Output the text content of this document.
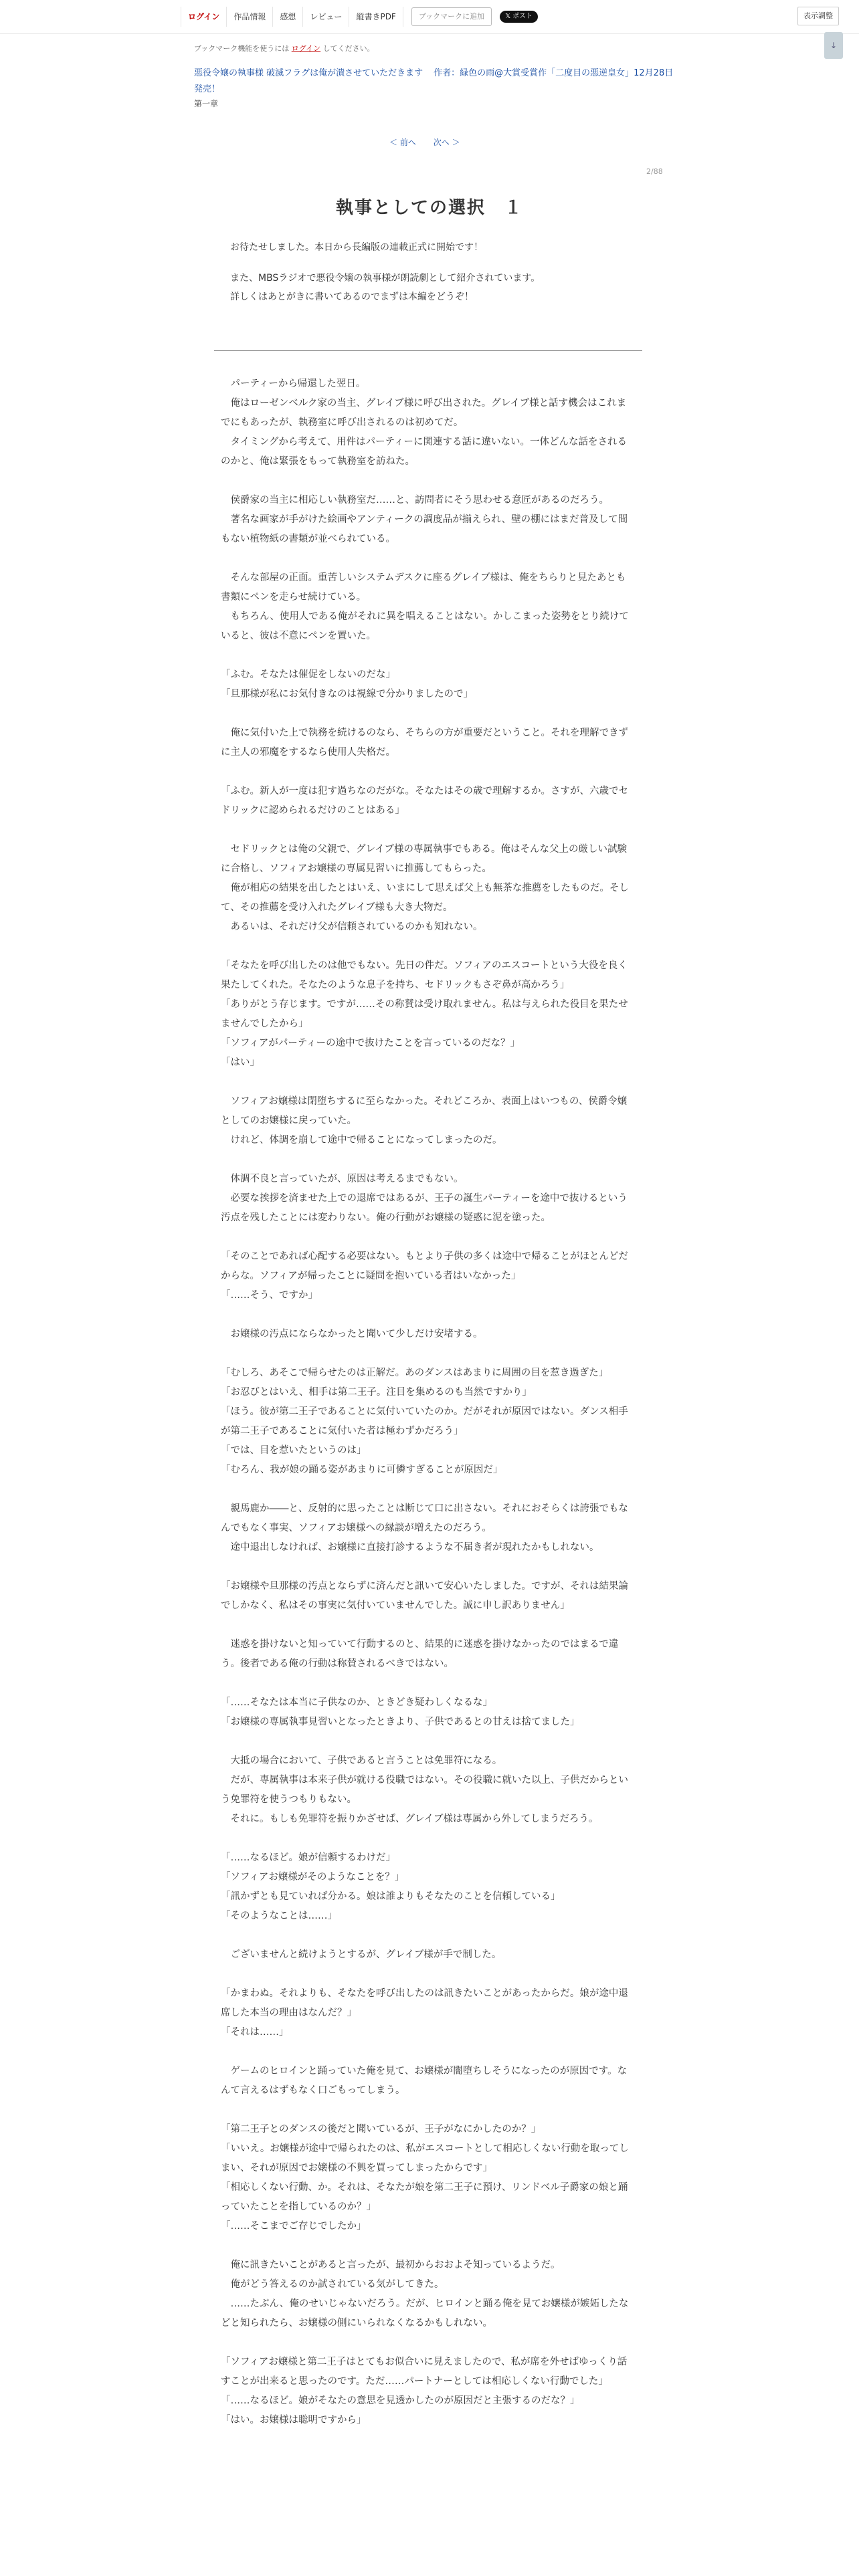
ログイン	作品情報	感想	レビュー	縦書きPDF	ブックマークに追加	𝕏 ポスト	表示調整
↓
ブックマーク機能を使うには ログイン してください。
悪役令嬢の執事様 破滅フラグは俺が潰させていただきます 作者：緑色の雨@大賞受賞作「二度目の悪逆皇女」12月28日発売！
第一章
＜ 前へ	次へ ＞
2/88
執事としての選択　１
お待たせしました。本日から長編版の連載正式に開始です！
また、MBSラジオで悪役令嬢の執事様が朗読劇として紹介されています。
詳しくはあとがきに書いてあるのでまずは本編をどうぞ！
パーティーから帰還した翌日。
俺はローゼンベルク家の当主、グレイブ様に呼び出された。グレイブ様と話す機会はこれまでにもあったが、執務室に呼び出されるのは初めてだ。
タイミングから考えて、用件はパーティーに関連する話に違いない。一体どんな話をされるのかと、俺は緊張をもって執務室を訪ねた。
侯爵家の当主に相応しい執務室だ……と、訪問者にそう思わせる意匠があるのだろう。
著名な画家が手がけた絵画やアンティークの調度品が揃えられ、壁の棚にはまだ普及して間もない植物紙の書類が並べられている。
そんな部屋の正面。重苦しいシステムデスクに座るグレイブ様は、俺をちらりと見たあとも書類にペンを走らせ続けている。
もちろん、使用人である俺がそれに異を唱えることはない。かしこまった姿勢をとり続けていると、彼は不意にペンを置いた。
「ふむ。そなたは催促をしないのだな」
「旦那様が私にお気付きなのは視線で分かりましたので」
俺に気付いた上で執務を続けるのなら、そちらの方が重要だということ。それを理解できずに主人の邪魔をするなら使用人失格だ。
「ふむ。新人が一度は犯す過ちなのだがな。そなたはその歳で理解するか。さすが、六歳でセドリックに認められるだけのことはある」
セドリックとは俺の父親で、グレイブ様の専属執事でもある。俺はそんな父上の厳しい試験に合格し、ソフィアお嬢様の専属見習いに推薦してもらった。
俺が相応の結果を出したとはいえ、いまにして思えば父上も無茶な推薦をしたものだ。そして、その推薦を受け入れたグレイブ様も大き大物だ。
あるいは、それだけ父が信頼されているのかも知れない。
「そなたを呼び出したのは他でもない。先日の件だ。ソフィアのエスコートという大役を良く果たしてくれた。そなたのような息子を持ち、セドリックもさぞ鼻が高かろう」
「ありがとう存じます。ですが……その称賛は受け取れません。私は与えられた役目を果たせませんでしたから」
「ソフィアがパーティーの途中で抜けたことを言っているのだな？」
「はい」
ソフィアお嬢様は閉堕ちするに至らなかった。それどころか、表面上はいつもの、侯爵令嬢としてのお嬢様に戻っていた。
けれど、体調を崩して途中で帰ることになってしまったのだ。
体調不良と言っていたが、原因は考えるまでもない。
必要な挨拶を済ませた上での退席ではあるが、王子の誕生パーティーを途中で抜けるという汚点を残したことには変わりない。俺の行動がお嬢様の疑惑に泥を塗った。
「そのことであれば心配する必要はない。もとより子供の多くは途中で帰ることがほとんどだからな。ソフィアが帰ったことに疑問を抱いている者はいなかった」
「……そう、ですか」
お嬢様の汚点にならなかったと聞いて少しだけ安堵する。
「むしろ、あそこで帰らせたのは正解だ。あのダンスはあまりに周囲の目を惹き過ぎた」
「お忍びとはいえ、相手は第二王子。注目を集めるのも当然ですかり」
「ほう。彼が第二王子であることに気付いていたのか。だがそれが原因ではない。ダンス相手が第二王子であることに気付いた者は極わずかだろう」
「では、目を惹いたというのは」
「むろん、我が娘の踊る姿があまりに可憐すぎることが原因だ」
親馬鹿か――と、反射的に思ったことは断じて口に出さない。それにおそらくは誇張でもなんでもなく事実、ソフィアお嬢様への縁談が増えたのだろう。
途中退出しなければ、お嬢様に直接打診するような不届き者が現れたかもしれない。
「お嬢様や旦那様の汚点とならずに済んだと訊いて安心いたしました。ですが、それは結果論でしかなく、私はその事実に気付いていませんでした。誠に申し訳ありません」
迷惑を掛けないと知っていて行動するのと、結果的に迷惑を掛けなかったのではまるで違う。後者である俺の行動は称賛されるべきではない。
「……そなたは本当に子供なのか、ときどき疑わしくなるな」
「お嬢様の専属執事見習いとなったときより、子供であるとの甘えは捨てました」
大抵の場合において、子供であると言うことは免罪符になる。
だが、専属執事は本来子供が就ける役職ではない。その役職に就いた以上、子供だからという免罪符を使うつもりもない。
それに。もしも免罪符を振りかざせば、グレイブ様は専属から外してしまうだろう。
「……なるほど。娘が信頼するわけだ」
「ソフィアお嬢様がそのようなことを？」
「訊かずとも見ていれば分かる。娘は誰よりもそなたのことを信頼している」
「そのようなことは……」
ございませんと続けようとするが、グレイブ様が手で制した。
「かまわぬ。それよりも、そなたを呼び出したのは訊きたいことがあったからだ。娘が途中退席した本当の理由はなんだ？」
「それは……」
ゲームのヒロインと踊っていた俺を見て、お嬢様が闇堕ちしそうになったのが原因です。なんて言えるはずもなく口ごもってしまう。
「第二王子とのダンスの後だと聞いているが、王子がなにかしたのか？」
「いいえ。お嬢様が途中で帰られたのは、私がエスコートとして相応しくない行動を取ってしまい、それが原因でお嬢様の不興を買ってしまったからです」
「相応しくない行動、か。それは、そなたが娘を第二王子に預け、リンドベル子爵家の娘と踊っていたことを指しているのか？」
「……そこまでご存じでしたか」
俺に訊きたいことがあると言ったが、最初からおおよそ知っているようだ。
俺がどう答えるのか試されている気がしてきた。
……たぶん、俺のせいじゃないだろう。だが、ヒロインと踊る俺を見てお嬢様が嫉妬したなどと知られたら、お嬢様の側にいられなくなるかもしれない。
「ソフィアお嬢様と第二王子はとてもお似合いに見えましたので、私が席を外せばゆっくり話すことが出来ると思ったのです。ただ……パートナーとしては相応しくない行動でした」
「……なるほど。娘がそなたの意思を見透かしたのが原因だと主張するのだな？」
「はい。お嬢様は聡明ですから」
